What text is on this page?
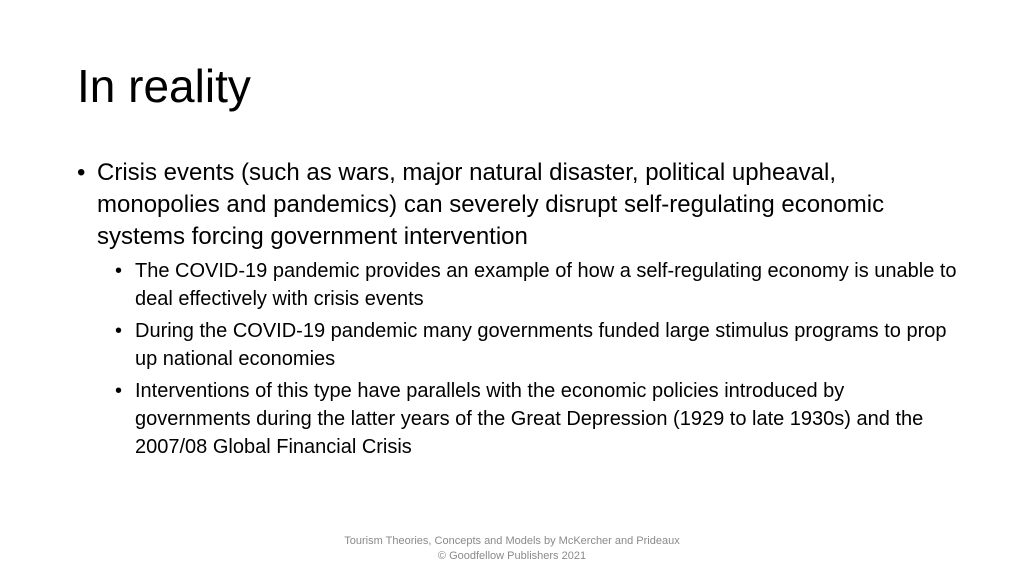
In reality
• Crisis events (such as wars, major natural disaster, political upheaval, monopolies and pandemics) can severely disrupt self-regulating economic systems forcing government intervention
• The COVID-19 pandemic provides an example of how a self-regulating economy is unable to deal effectively with crisis events
• During the COVID-19 pandemic many governments funded large stimulus programs to prop up national economies
• Interventions of this type have parallels with the economic policies introduced by governments during the latter years of the Great Depression (1929 to late 1930s) and the 2007/08 Global Financial Crisis
Tourism Theories, Concepts and Models by McKercher and Prideaux © Goodfellow Publishers 2021
